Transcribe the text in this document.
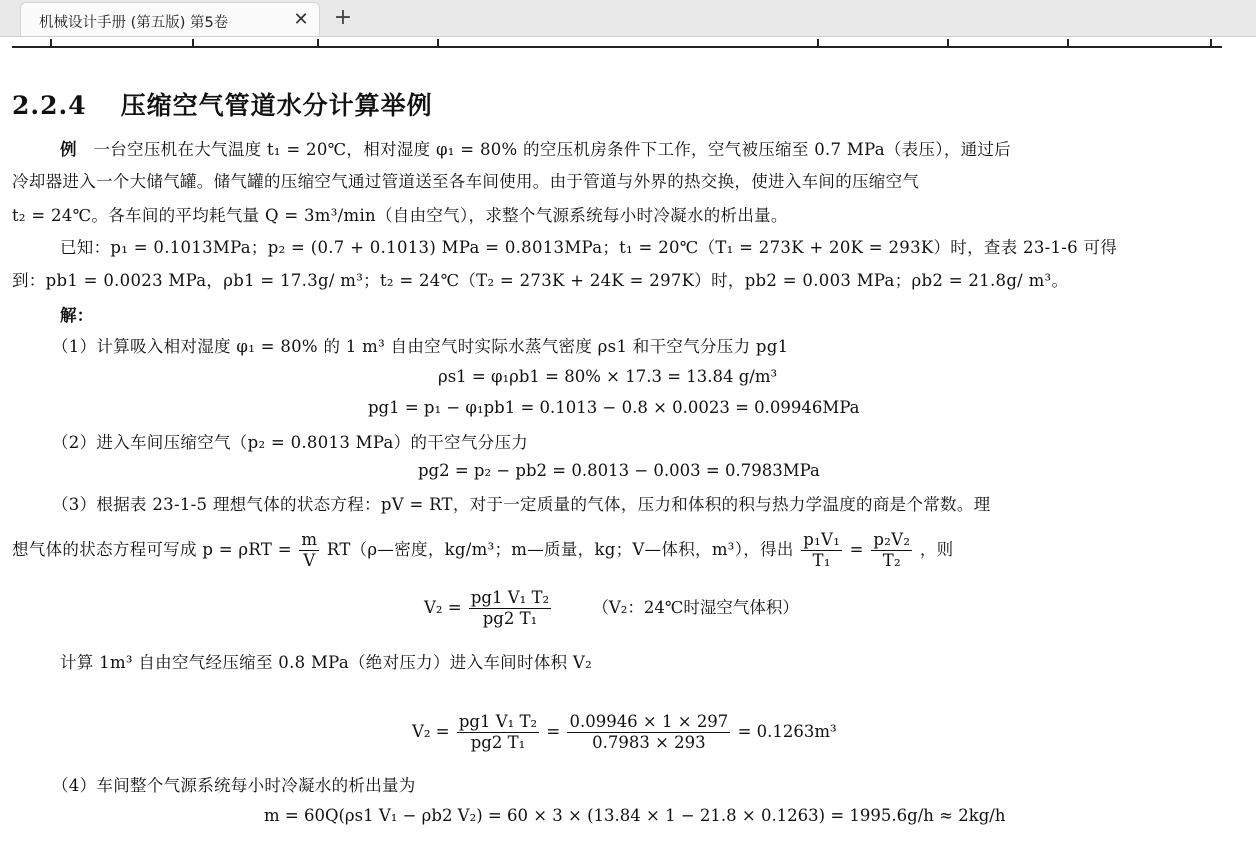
机械设计手册 (第五版) 第5卷	✕ +
2.2.4 压缩空气管道水分计算举例
例 一台空压机在大气温度 t₁ = 20℃，相对湿度 φ₁ = 80% 的空压机房条件下工作，空气被压缩至 0.7 MPa（表压），通过后
冷却器进入一个大储气罐。储气罐的压缩空气通过管道送至各车间使用。由于管道与外界的热交换，使进入车间的压缩空气
t₂ = 24℃。各车间的平均耗气量 Q = 3m³/min（自由空气），求整个气源系统每小时冷凝水的析出量。
已知：p₁ = 0.1013MPa；p₂ = (0.7 + 0.1013) MPa = 0.8013MPa；t₁ = 20℃（T₁ = 273K + 20K = 293K）时，查表 23-1-6 可得
到：pb1 = 0.0023 MPa，ρb1 = 17.3g/ m³；t₂ = 24℃（T₂ = 273K + 24K = 297K）时，pb2 = 0.003 MPa；ρb2 = 21.8g/ m³。
解：
（1）计算吸入相对湿度 φ₁ = 80% 的 1 m³ 自由空气时实际水蒸气密度 ρs1 和干空气分压力 pg1
ρs1 = φ₁ρb1 = 80% × 17.3 = 13.84 g/m³
pg1 = p₁ − φ₁pb1 = 0.1013 − 0.8 × 0.0023 = 0.09946MPa
（2）进入车间压缩空气（p₂ = 0.8013 MPa）的干空气分压力
pg2 = p₂ − pb2 = 0.8013 − 0.003 = 0.7983MPa
（3）根据表 23-1-5 理想气体的状态方程：pV = RT，对于一定质量的气体，压力和体积的积与热力学温度的商是个常数。理
想气体的状态方程可写成 $p = \rho RT = \frac{m}{V}$ RT（ρ—密度，kg/m³；m—质量，kg；V—体积，m³），得出 $\frac{\text{p₁V₁}}{\text{T₁}} = \frac{\text{p₂V₂}}{\text{T₂}}$ ，则
$V_2 = \frac{\text{pg1 V₁ T₂}}{\text{pg2 T₁}}$	（V₂：24℃时湿空气体积）
计算 1m³ 自由空气经压缩至 0.8 MPa（绝对压力）进入车间时体积 V₂
$V_2 = \frac{\text{pg1 V₁ T₂}}{\text{pg2 T₁}} = \frac{0.09946 \times 1 \times 297}{0.7983 \times 293} = 0.1263m^3$
（4）车间整个气源系统每小时冷凝水的析出量为
m = 60Q(ρs1 V₁ − ρb2 V₂) = 60 × 3 × (13.84 × 1 − 21.8 × 0.1263) = 1995.6g/h ≈ 2kg/h
